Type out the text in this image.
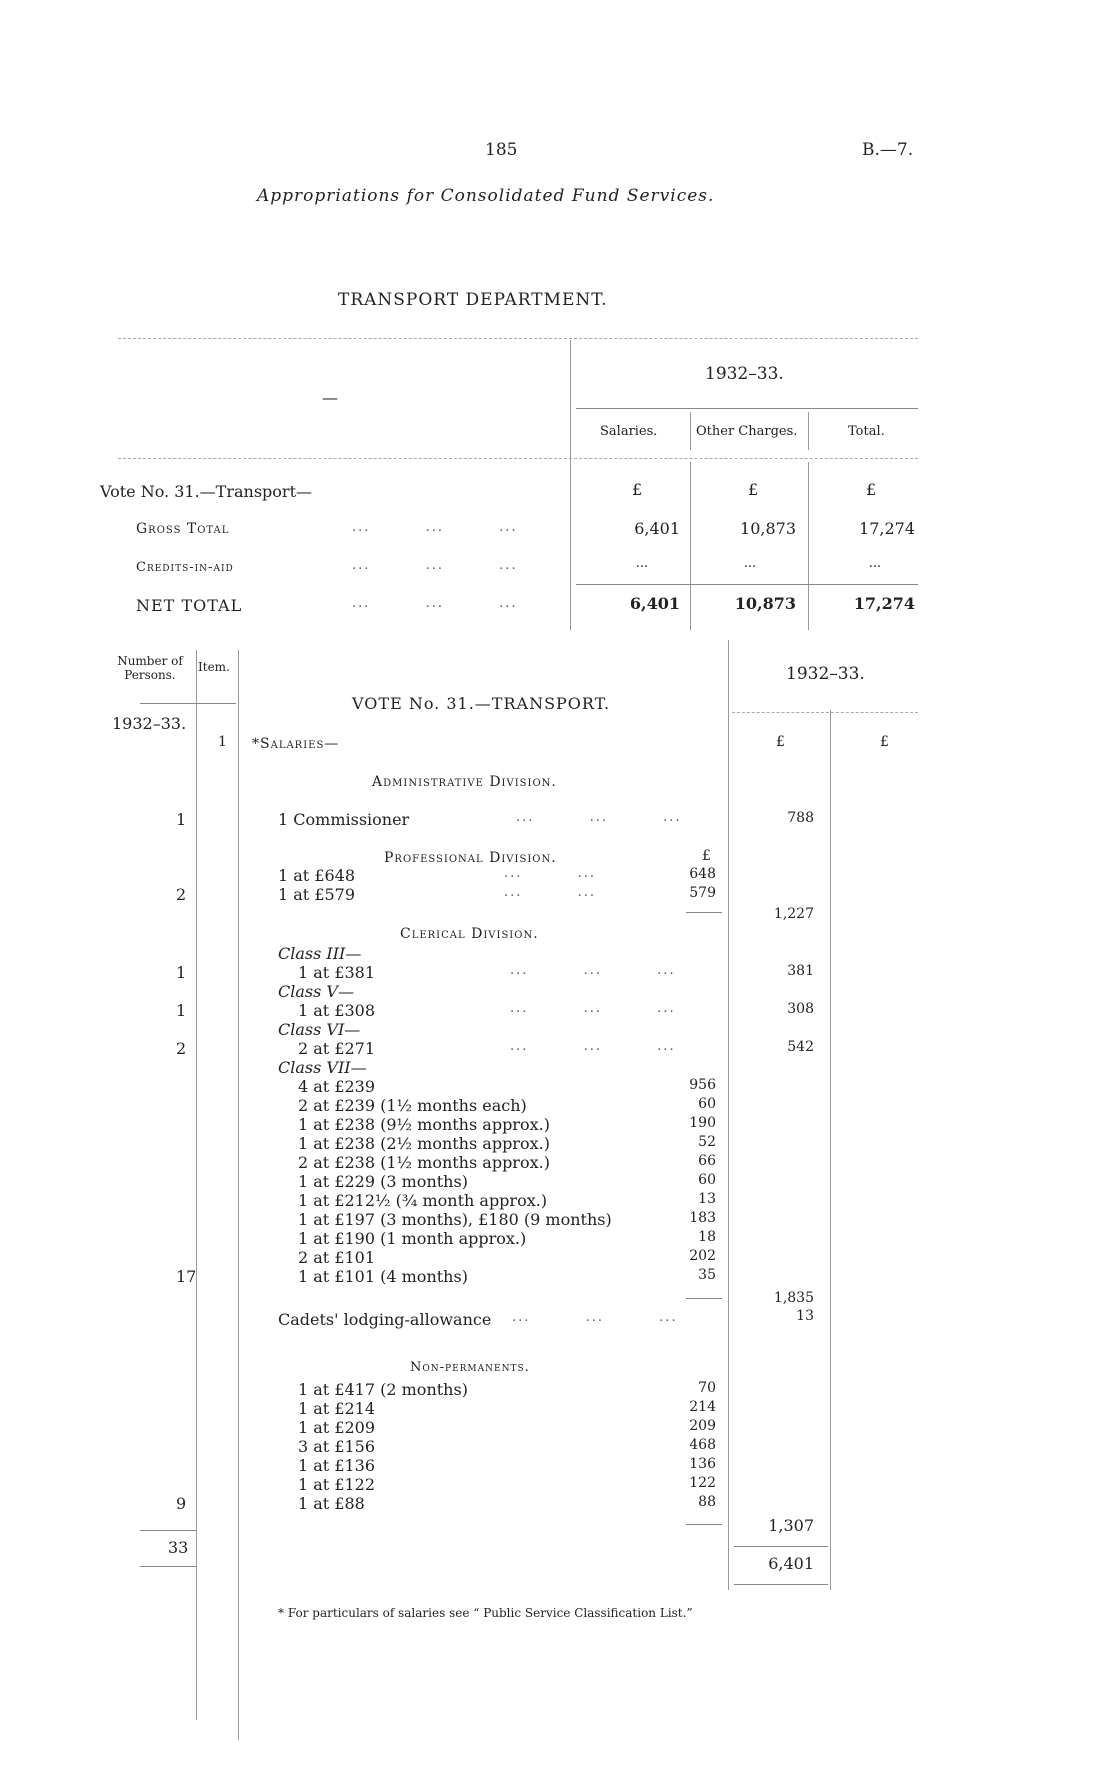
185	B.—7.
Appropriations for Consolidated Fund Services.
TRANSPORT DEPARTMENT.
—
1932–33.
Salaries.	Other Charges.	Total.
Vote No. 31.—Transport—	£	£	£
Gross Total	...         ...         ...	6,401	10,873	17,274
Credits-in-aid	...         ...         ...	...	...	...
NET TOTAL	...         ...         ...	6,401	10,873	17,274
Number of Persons.
Item.
1932–33.
1932–33.
VOTE No. 31.—TRANSPORT.
1 *Salaries—	£	£
Administrative Division.
1	1 Commissioner	...         ...         ...	788
Professional Division.	£
1 at £648	...         ...	648
2	1 at £579	...         ...	579
1,227
Clerical Division.
Class III—
1	1 at £381	...         ...         ...	381
Class V—
1	1 at £308	...         ...         ...	308
Class VI—
2	2 at £271	...         ...         ...	542
Class VII—
4 at £239	956
2 at £239 (1½ months each)	60
1 at £238 (9½ months approx.)	190
1 at £238 (2½ months approx.)	52
2 at £238 (1½ months approx.)	66
1 at £229 (3 months)	60
1 at £212½ (¾ month approx.)	13
1 at £197 (3 months), £180 (9 months)	183
1 at £190 (1 month approx.)	18
2 at £101	202
17	1 at £101 (4 months)	35
1,835
Cadets' lodging-allowance ...         ...         ...	13
Non-permanents.
1 at £417 (2 months)	70
1 at £214	214
1 at £209	209
3 at £156	468
1 at £136	136
1 at £122	122
9	1 at £88	88
1,307
33
6,401
* For particulars of salaries see “ Public Service Classification List.”
